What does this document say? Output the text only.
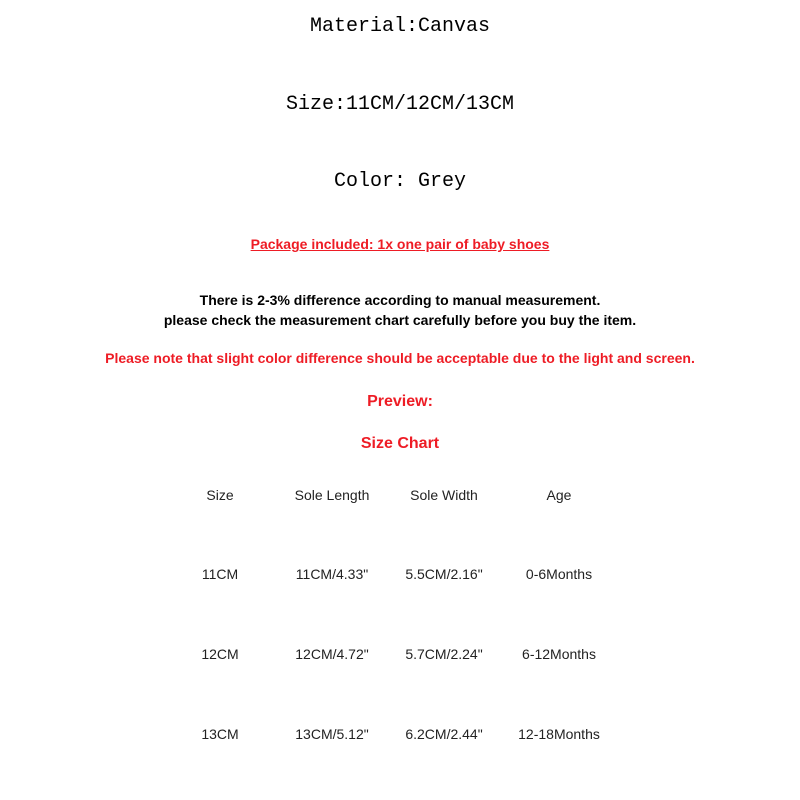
Material:Canvas
Size:11CM/12CM/13CM
Color: Grey
Package included: 1x one pair of baby shoes
There is 2-3% difference according to manual measurement.
please check the measurement chart carefully before you buy the item.
Please note that slight color difference should be acceptable due to the light and screen.
Preview:
Size Chart
Size	Sole Length	Sole Width	Age
11CM	11CM/4.33"	5.5CM/2.16"	0-6Months
12CM	12CM/4.72"	5.7CM/2.24"	6-12Months
13CM	13CM/5.12"	6.2CM/2.44"	12-18Months
